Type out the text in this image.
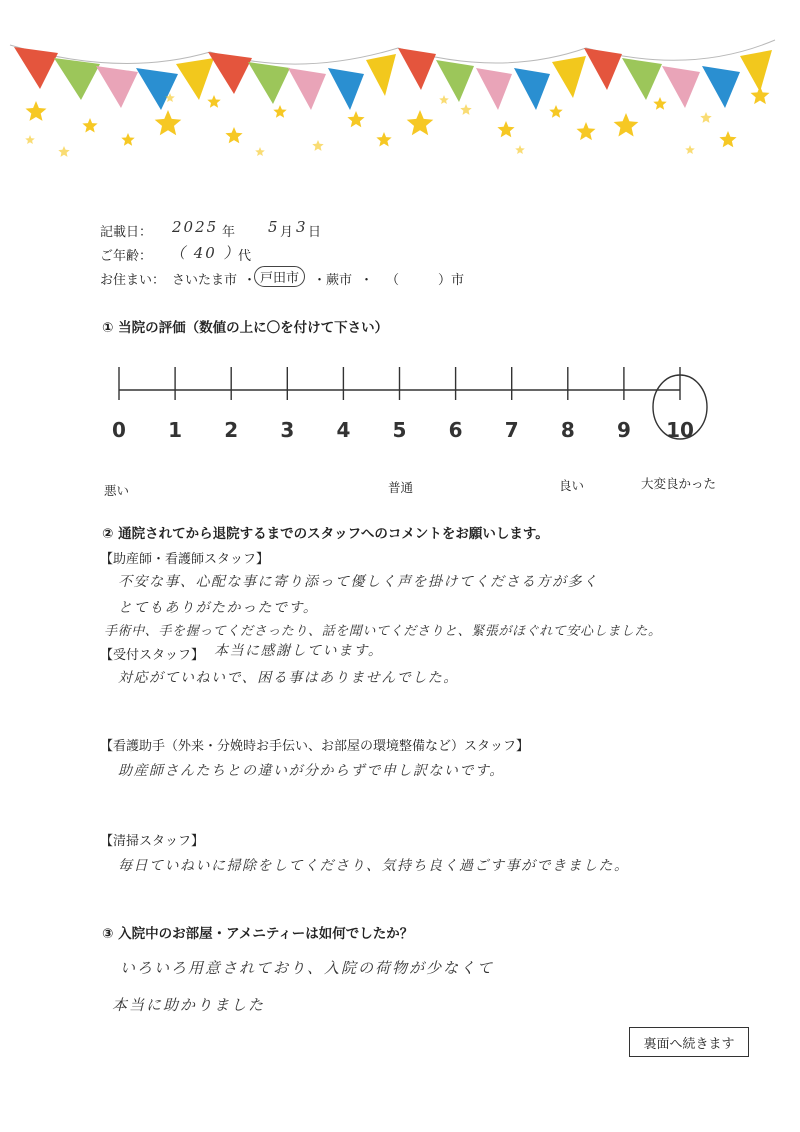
記載日： 2025 年 5 月 3 日
ご年齢： （ 40 ）
代
お住まい： さいたま市 ・ 戸田市	・ 蕨市 ・ （　　　）市
① 当院の評価（数値の上に〇を付けて下さい）
0 1 2 3 4 5 6 7 8 9 10
悪い	普通	良い	大変良かった
② 通院されてから退院するまでのスタッフへのコメントをお願いします。
【助産師・看護師スタッフ】
不安な事、心配な事に寄り添って優しく声を掛けてくださる方が多く
とてもありがたかったです。
手術中、手を握ってくださったり、話を聞いてくださりと、緊張がほぐれて安心しました。
【受付スタッフ】 本当に感謝しています。
対応がていねいで、困る事はありませんでした。
【看護助手（外来・分娩時お手伝い、お部屋の環境整備など）スタッフ】
助産師さんたちとの違いが分からずで申し訳ないです。
【清掃スタッフ】
毎日ていねいに掃除をしてくださり、気持ち良く過ごす事ができました。
③ 入院中のお部屋・アメニティーは如何でしたか？
いろいろ用意されており、入院の荷物が少なくて
本当に助かりました
裏面へ続きます
